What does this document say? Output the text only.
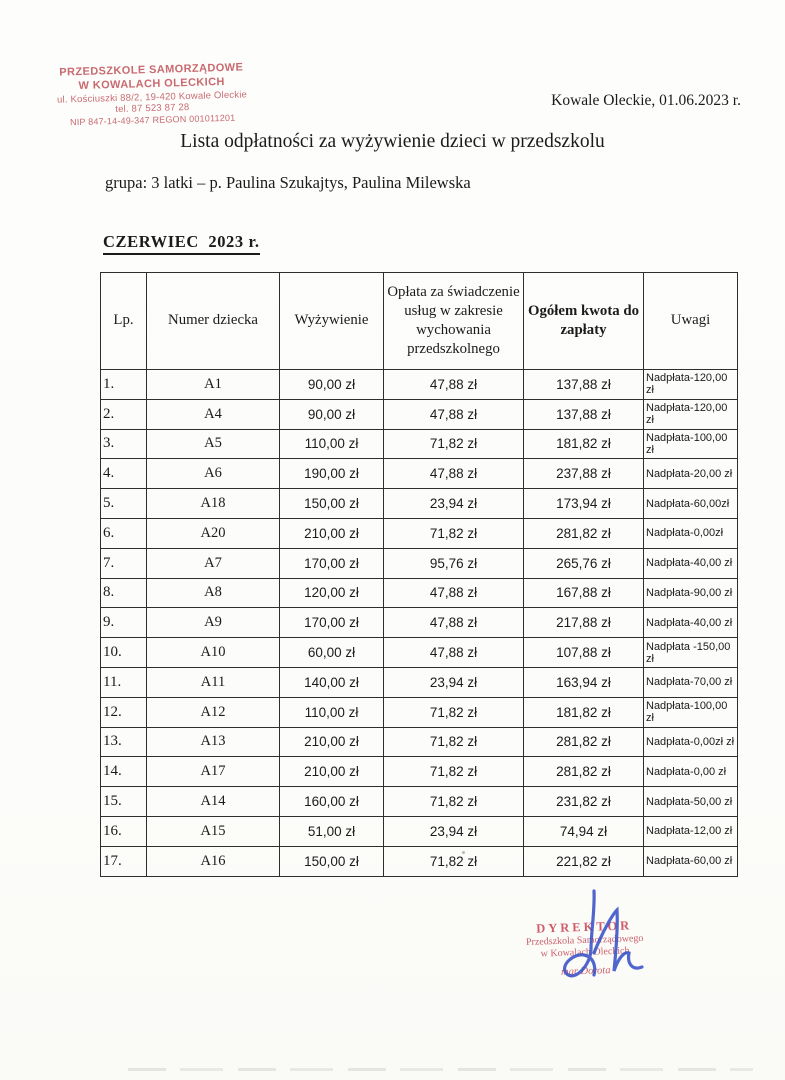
PRZEDSZKOLE SAMORZĄDOWE
W KOWALACH OLECKICH
ul. Kościuszki 88/2, 19-420 Kowale Oleckie
tel. 87 523 87 28
NIP 847-14-49-347 REGON 001011201
Kowale Oleckie, 01.06.2023 r.
Lista odpłatności za wyżywienie dzieci w przedszkolu
grupa: 3 latki – p. Paulina Szukajtys, Paulina Milewska
CZERWIEC  2023 r.
Lp.	Numer dziecka	Wyżywienie	Opłata za świadczenie usług w zakresie wychowania przedszkolnego	Ogółem kwota do zapłaty	Uwagi
1.	A1	90,00 zł	47,88 zł	137,88 zł	Nadpłata-120,00 zł
2.	A4	90,00 zł	47,88 zł	137,88 zł	Nadpłata-120,00 zł
3.	A5	110,00 zł	71,82 zł	181,82 zł	Nadpłata-100,00 zł
4.	A6	190,00 zł	47,88 zł	237,88 zł	Nadpłata-20,00 zł
5.	A18	150,00 zł	23,94 zł	173,94 zł	Nadpłata-60,00zł
6.	A20	210,00 zł	71,82 zł	281,82 zł	Nadpłata-0,00zł
7.	A7	170,00 zł	95,76 zł	265,76 zł	Nadpłata-40,00 zł
8.	A8	120,00 zł	47,88 zł	167,88 zł	Nadpłata-90,00 zł
9.	A9	170,00 zł	47,88 zł	217,88 zł	Nadpłata-40,00 zł
10.	A10	60,00 zł	47,88 zł	107,88 zł	Nadpłata -150,00 zł
11.	A11	140,00 zł	23,94 zł	163,94 zł	Nadpłata-70,00 zł
12.	A12	110,00 zł	71,82 zł	181,82 zł	Nadpłata-100,00 zł
13.	A13	210,00 zł	71,82 zł	281,82 zł	Nadpłata-0,00zł zł
14.	A17	210,00 zł	71,82 zł	281,82 zł	Nadpłata-0,00 zł
15.	A14	160,00 zł	71,82 zł	231,82 zł	Nadpłata-50,00 zł
16.	A15	51,00 zł	23,94 zł	74,94 zł	Nadpłata-12,00 zł
17.	A16	150,00 zł	71,82 zł	221,82 zł	Nadpłata-60,00 zł
DYREKTOR
Przedszkola Samorządowego
w Kowalach Oleckich
mgr Dorota
